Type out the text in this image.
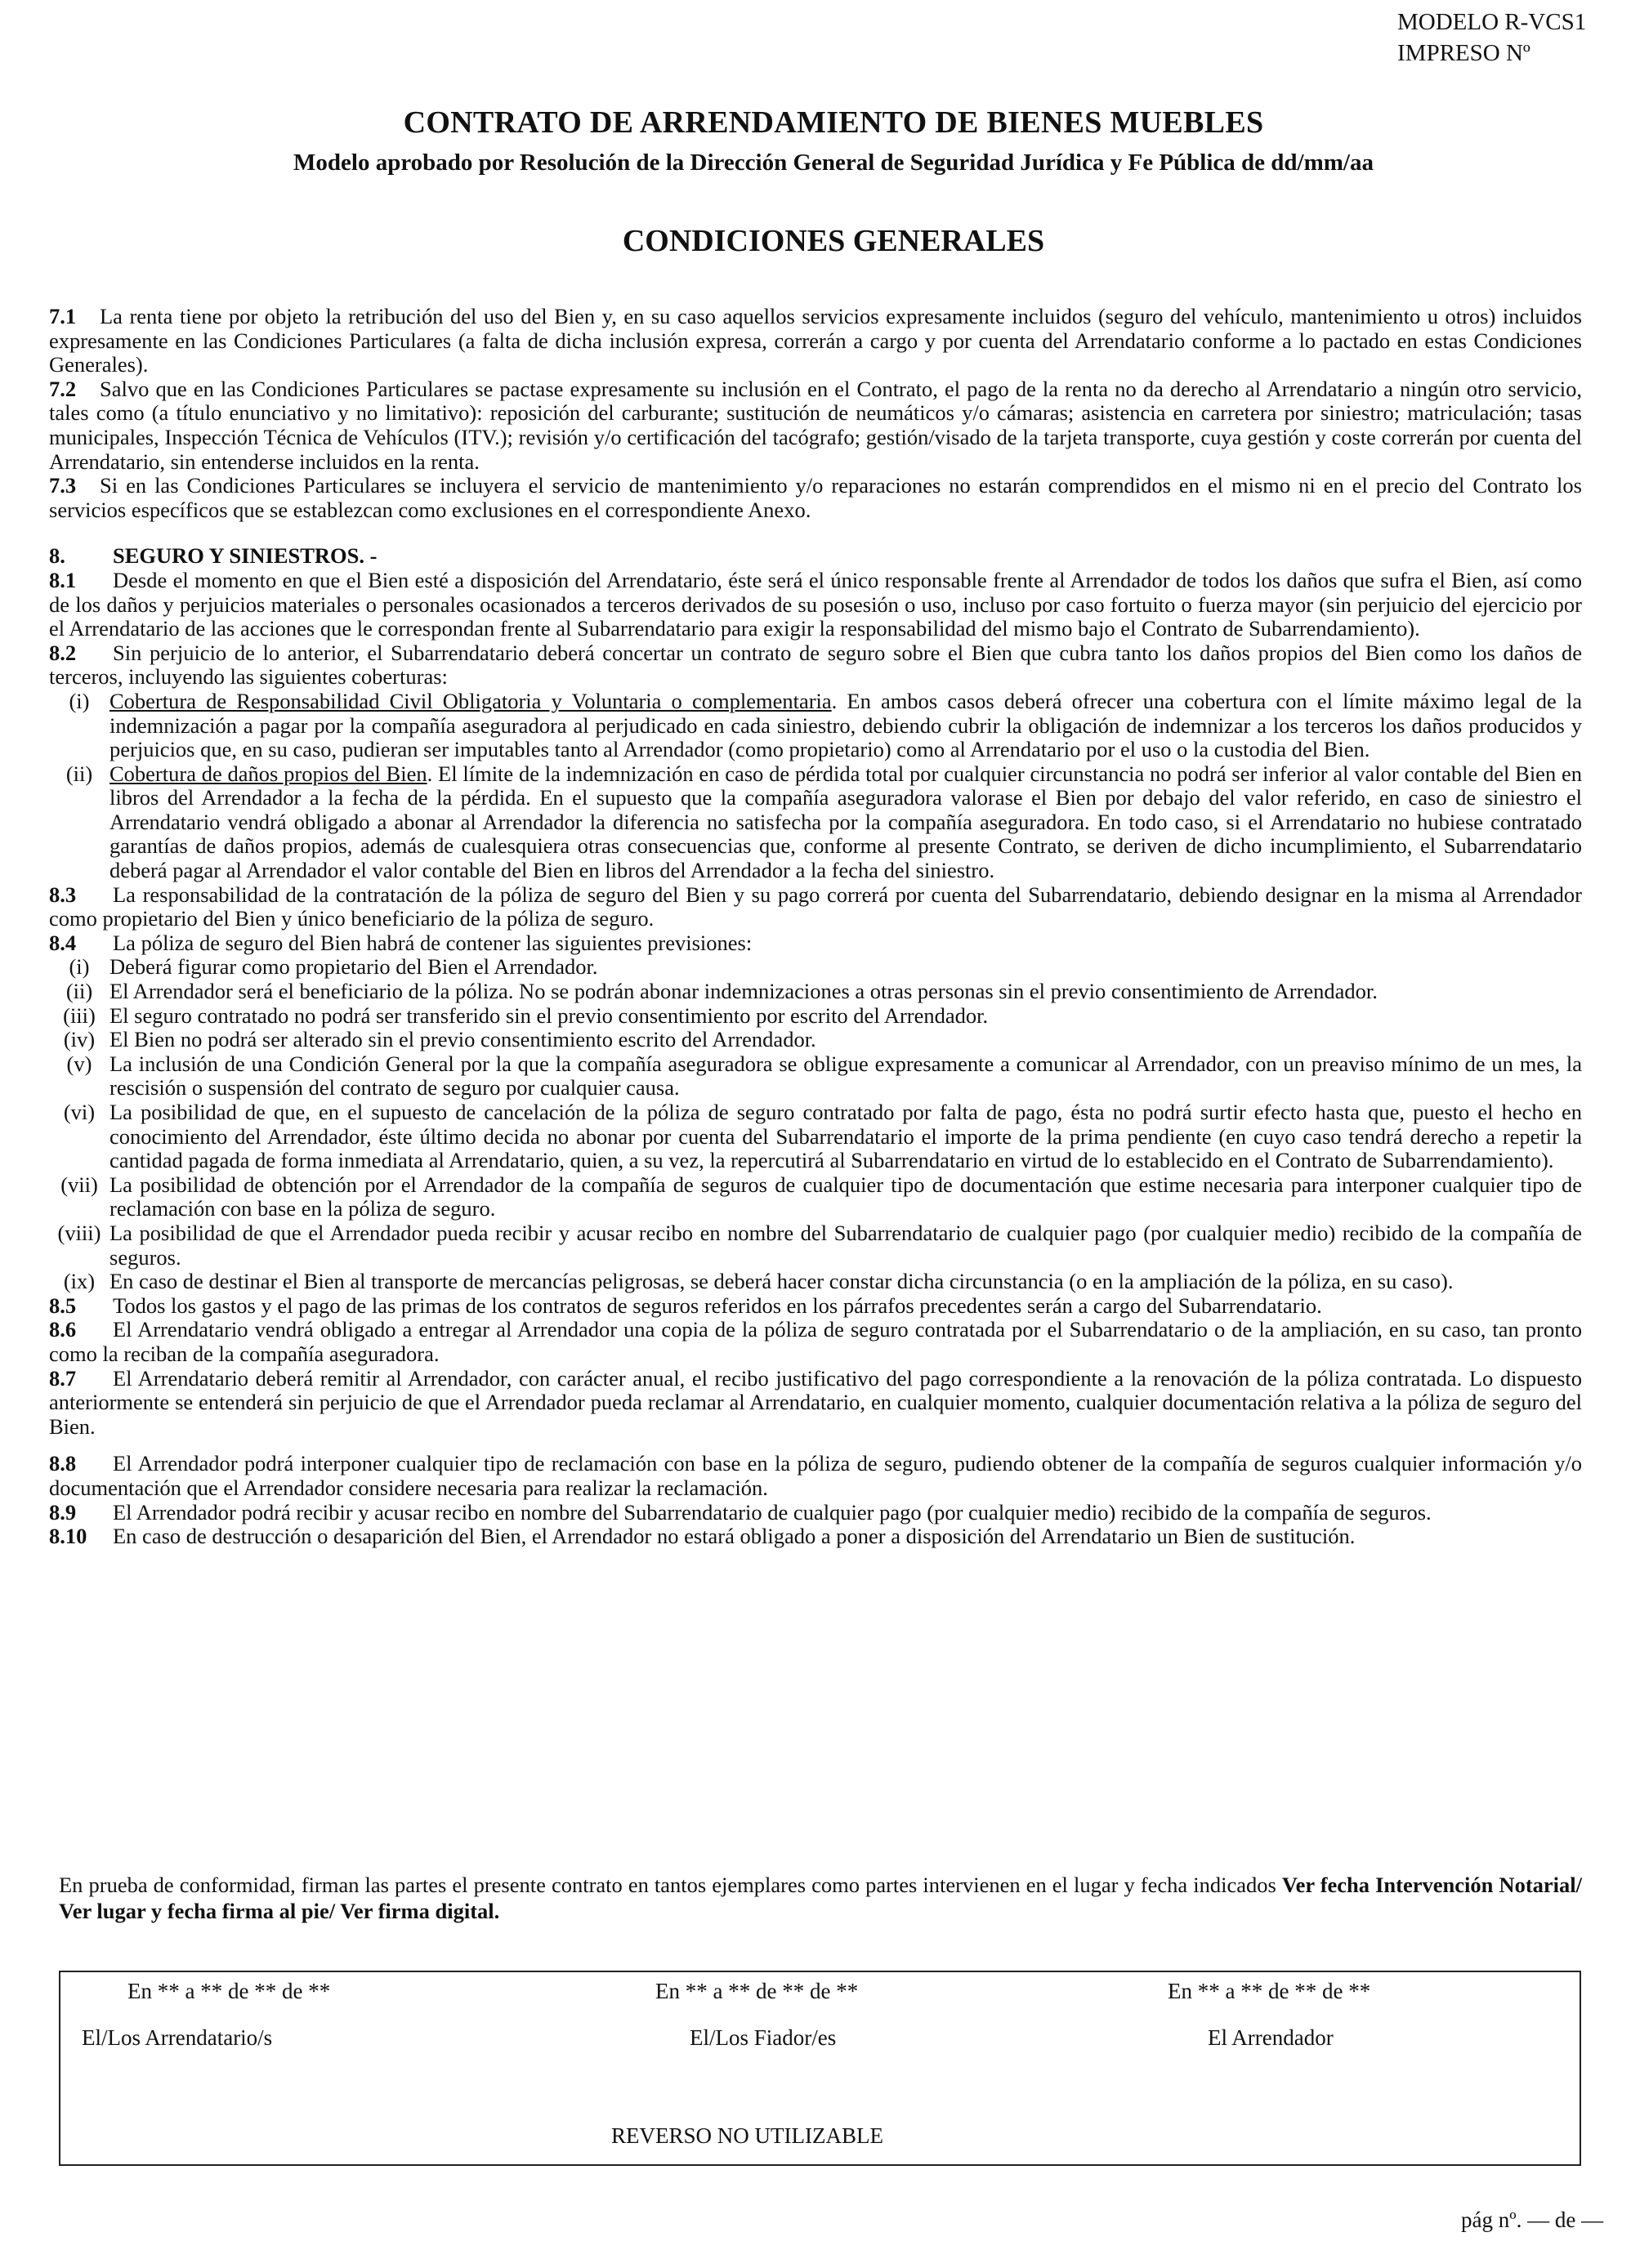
MODELO R-VCS1
IMPRESO Nº
CONTRATO DE ARRENDAMIENTO DE BIENES MUEBLES
Modelo aprobado por Resolución de la Dirección General de Seguridad Jurídica y Fe Pública de dd/mm/aa
CONDICIONES GENERALES

7.1 La renta tiene por objeto la retribución del uso del Bien y, en su caso aquellos servicios expresamente incluidos (seguro del vehículo, mantenimiento u otros) incluidos expresamente en las Condiciones Particulares (a falta de dicha inclusión expresa, correrán a cargo y por cuenta del Arrendatario conforme a lo pactado en estas Condiciones Generales).

7.2 Salvo que en las Condiciones Particulares se pactase expresamente su inclusión en el Contrato, el pago de la renta no da derecho al Arrendatario a ningún otro servicio, tales como (a título enunciativo y no limitativo): reposición del carburante; sustitución de neumáticos y/o cámaras; asistencia en carretera por siniestro; matriculación; tasas municipales, Inspección Técnica de Vehículos (ITV.); revisión y/o certificación del tacógrafo; gestión/visado de la tarjeta transporte, cuya gestión y coste correrán por cuenta del Arrendatario, sin entenderse incluidos en la renta.

7.3 Si en las Condiciones Particulares se incluyera el servicio de mantenimiento y/o reparaciones no estarán comprendidos en el mismo ni en el precio del Contrato los servicios específicos que se establezcan como exclusiones en el correspondiente Anexo.

8. SEGURO Y SINIESTROS. -

8.1 Desde el momento en que el Bien esté a disposición del Arrendatario, éste será el único responsable frente al Arrendador de todos los daños que sufra el Bien, así como de los daños y perjuicios materiales o personales ocasionados a terceros derivados de su posesión o uso, incluso por caso fortuito o fuerza mayor (sin perjuicio del ejercicio por el Arrendatario de las acciones que le correspondan frente al Subarrendatario para exigir la responsabilidad del mismo bajo el Contrato de Subarrendamiento).

8.2 Sin perjuicio de lo anterior, el Subarrendatario deberá concertar un contrato de seguro sobre el Bien que cubra tanto los daños propios del Bien como los daños de terceros, incluyendo las siguientes coberturas:

(i) Cobertura de Responsabilidad Civil Obligatoria y Voluntaria o complementaria. En ambos casos deberá ofrecer una cobertura con el límite máximo legal de la indemnización a pagar por la compañía aseguradora al perjudicado en cada siniestro, debiendo cubrir la obligación de indemnizar a los terceros los daños producidos y perjuicios que, en su caso, pudieran ser imputables tanto al Arrendador (como propietario) como al Arrendatario por el uso o la custodia del Bien.
(ii) Cobertura de daños propios del Bien. El límite de la indemnización en caso de pérdida total por cualquier circunstancia no podrá ser inferior al valor contable del Bien en libros del Arrendador a la fecha de la pérdida. En el supuesto que la compañía aseguradora valorase el Bien por debajo del valor referido, en caso de siniestro el Arrendatario vendrá obligado a abonar al Arrendador la diferencia no satisfecha por la compañía aseguradora. En todo caso, si el Arrendatario no hubiese contratado garantías de daños propios, además de cualesquiera otras consecuencias que, conforme al presente Contrato, se deriven de dicho incumplimiento, el Subarrendatario deberá pagar al Arrendador el valor contable del Bien en libros del Arrendador a la fecha del siniestro.

8.3 La responsabilidad de la contratación de la póliza de seguro del Bien y su pago correrá por cuenta del Subarrendatario, debiendo designar en la misma al Arrendador como propietario del Bien y único beneficiario de la póliza de seguro.

8.4 La póliza de seguro del Bien habrá de contener las siguientes previsiones:

(i) Deberá figurar como propietario del Bien el Arrendador.
(ii) El Arrendador será el beneficiario de la póliza. No se podrán abonar indemnizaciones a otras personas sin el previo consentimiento de Arrendador.
(iii) El seguro contratado no podrá ser transferido sin el previo consentimiento por escrito del Arrendador.
(iv) El Bien no podrá ser alterado sin el previo consentimiento escrito del Arrendador.
(v) La inclusión de una Condición General por la que la compañía aseguradora se obligue expresamente a comunicar al Arrendador, con un preaviso mínimo de un mes, la rescisión o suspensión del contrato de seguro por cualquier causa.
(vi) La posibilidad de que, en el supuesto de cancelación de la póliza de seguro contratado por falta de pago, ésta no podrá surtir efecto hasta que, puesto el hecho en conocimiento del Arrendador, éste último decida no abonar por cuenta del Subarrendatario el importe de la prima pendiente (en cuyo caso tendrá derecho a repetir la cantidad pagada de forma inmediata al Arrendatario, quien, a su vez, la repercutirá al Subarrendatario en virtud de lo establecido en el Contrato de Subarrendamiento).
(vii) La posibilidad de obtención por el Arrendador de la compañía de seguros de cualquier tipo de documentación que estime necesaria para interponer cualquier tipo de reclamación con base en la póliza de seguro.
(viii) La posibilidad de que el Arrendador pueda recibir y acusar recibo en nombre del Subarrendatario de cualquier pago (por cualquier medio) recibido de la compañía de seguros.
(ix) En caso de destinar el Bien al transporte de mercancías peligrosas, se deberá hacer constar dicha circunstancia (o en la ampliación de la póliza, en su caso).

8.5 Todos los gastos y el pago de las primas de los contratos de seguros referidos en los párrafos precedentes serán a cargo del Subarrendatario.

8.6 El Arrendatario vendrá obligado a entregar al Arrendador una copia de la póliza de seguro contratada por el Subarrendatario o de la ampliación, en su caso, tan pronto como la reciban de la compañía aseguradora.

8.7 El Arrendatario deberá remitir al Arrendador, con carácter anual, el recibo justificativo del pago correspondiente a la renovación de la póliza contratada. Lo dispuesto anteriormente se entenderá sin perjuicio de que el Arrendador pueda reclamar al Arrendatario, en cualquier momento, cualquier documentación relativa a la póliza de seguro del Bien.

8.8 El Arrendador podrá interponer cualquier tipo de reclamación con base en la póliza de seguro, pudiendo obtener de la compañía de seguros cualquier información y/o documentación que el Arrendador considere necesaria para realizar la reclamación.

8.9 El Arrendador podrá recibir y acusar recibo en nombre del Subarrendatario de cualquier pago (por cualquier medio) recibido de la compañía de seguros.

8.10 En caso de destrucción o desaparición del Bien, el Arrendador no estará obligado a poner a disposición del Arrendatario un Bien de sustitución.

En prueba de conformidad, firman las partes el presente contrato en tantos ejemplares como partes intervienen en el lugar y fecha indicados Ver fecha Intervención Notarial/ Ver lugar y fecha firma al pie/ Ver firma digital.
En ** a ** de ** de **	En ** a ** de ** de **	En ** a ** de ** de **
El/Los Arrendatario/s	El/Los Fiador/es	El Arrendador
REVERSO NO UTILIZABLE
pág nº. — de —
